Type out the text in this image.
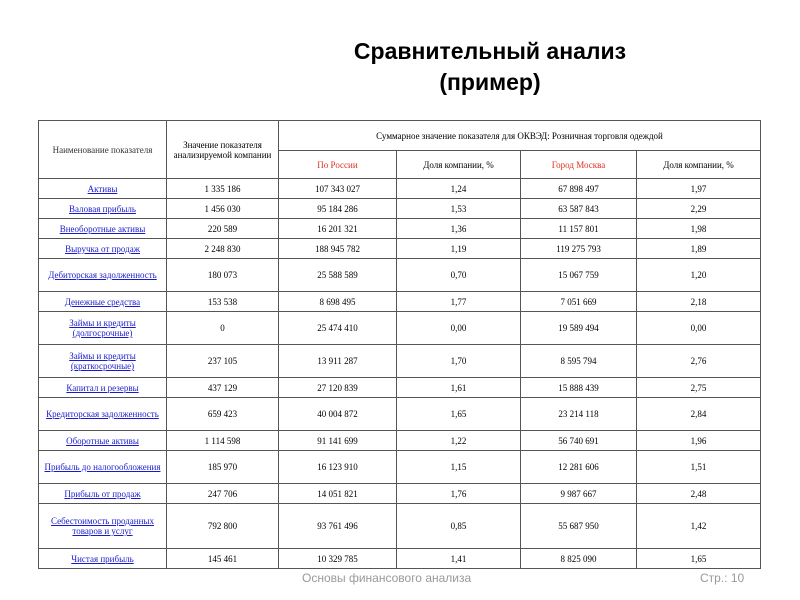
Сравнительный анализ
(пример)
Наименование показателя	Значение показателя анализируемой компании	Суммарное значение показателя для ОКВЭД: Розничная торговля одеждой			
		По России	Доля компании, %	Город Москва	Доля компании, %
Активы	1 335 186	107 343 027	1,24	67 898 497	1,97
Валовая прибыль	1 456 030	95 184 286	1,53	63 587 843	2,29
Внеоборотные активы	220 589	16 201 321	1,36	11 157 801	1,98
Выручка от продаж	2 248 830	188 945 782	1,19	119 275 793	1,89
Дебиторская задолженность	180 073	25 588 589	0,70	15 067 759	1,20
Денежные средства	153 538	8 698 495	1,77	7 051 669	2,18
Займы и кредиты (долгосрочные)	0	25 474 410	0,00	19 589 494	0,00
Займы и кредиты (краткосрочные)	237 105	13 911 287	1,70	8 595 794	2,76
Капитал и резервы	437 129	27 120 839	1,61	15 888 439	2,75
Кредиторская задолженность	659 423	40 004 872	1,65	23 214 118	2,84
Оборотные активы	1 114 598	91 141 699	1,22	56 740 691	1,96
Прибыль до налогообложения	185 970	16 123 910	1,15	12 281 606	1,51
Прибыль от продаж	247 706	14 051 821	1,76	9 987 667	2,48
Себестоимость проданных товаров и услуг	792 800	93 761 496	0,85	55 687 950	1,42
Чистая прибыль	145 461	10 329 785	1,41	8 825 090	1,65
Основы финансового анализа	Стр.: 10
